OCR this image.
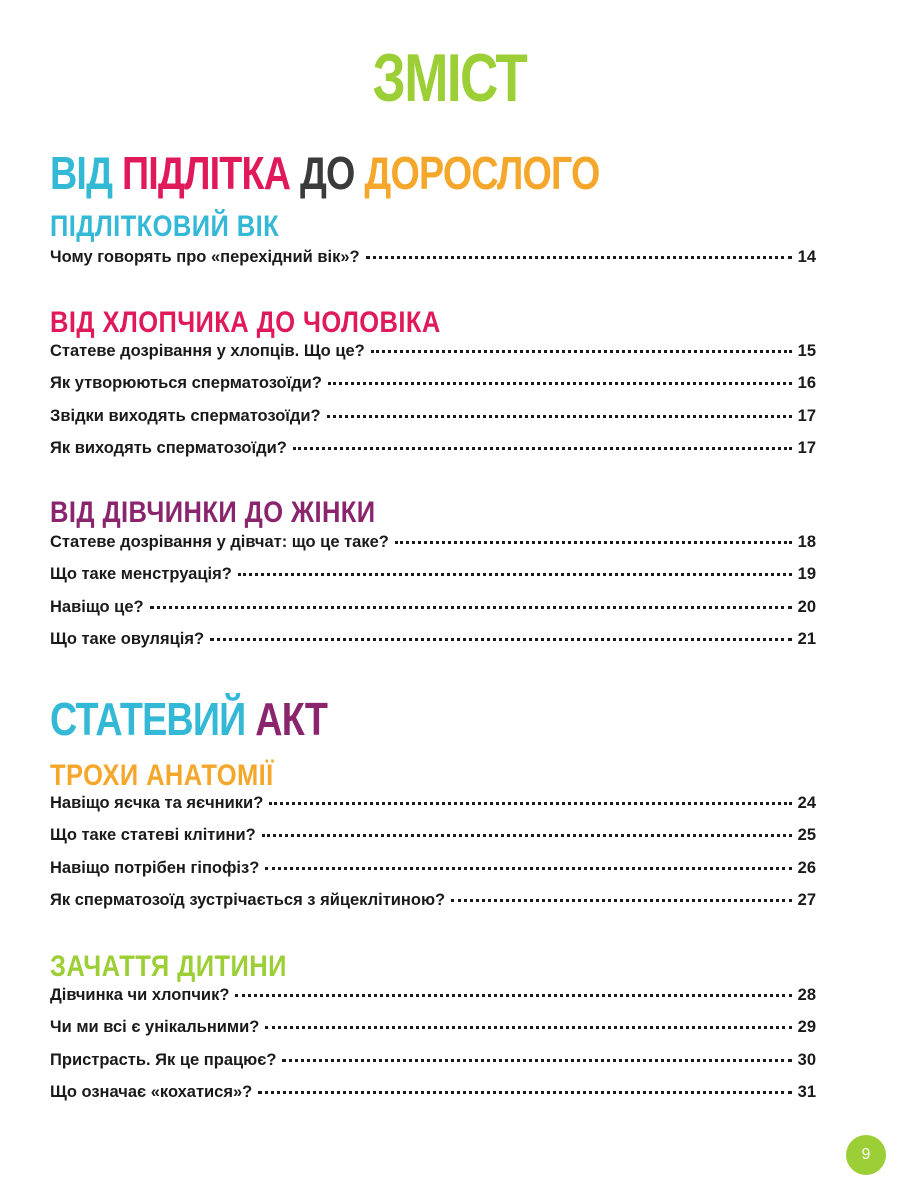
ЗМІСТ
ВІД ПІДЛІТКА ДО ДОРОСЛОГО
ПІДЛІТКОВИЙ ВІК
Чому говорять про «перехідний вік»?	14
ВІД ХЛОПЧИКА ДО ЧОЛОВІКА
Статеве дозрівання у хлопців. Що це?	15
Як утворюються сперматозоїди?	16
Звідки виходять сперматозоїди?	17
Як виходять сперматозоїди?	17
ВІД ДІВЧИНКИ ДО ЖІНКИ
Статеве дозрівання у дівчат: що це таке?	18
Що таке менструація?	19
Навіщо це?	20
Що таке овуляція?	21
СТАТЕВИЙ АКТ
ТРОХИ АНАТОМІЇ
Навіщо яєчка та яєчники?	24
Що таке статеві клітини?	25
Навіщо потрібен гіпофіз?	26
Як сперматозоїд зустрічається з яйцеклітиною?	27
ЗАЧАТТЯ ДИТИНИ
Дівчинка чи хлопчик?	28
Чи ми всі є унікальними?	29
Пристрасть. Як це працює?	30
Що означає «кохатися»?	31
9
